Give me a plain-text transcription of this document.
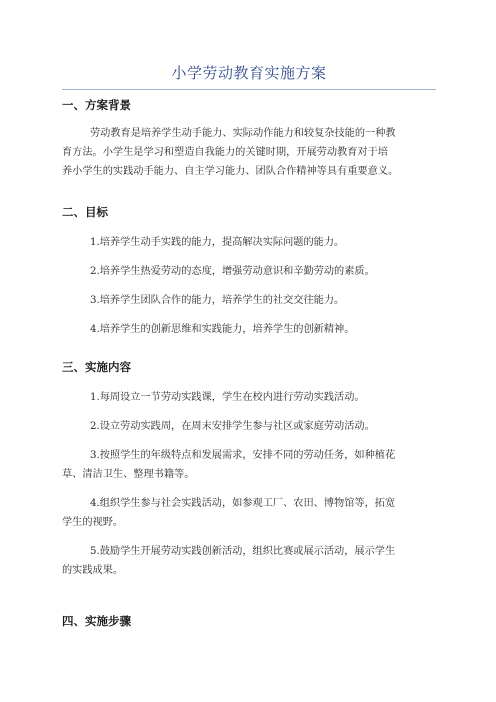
小学劳动教育实施方案
一、方案背景
劳动教育是培养学生动手能力、实际动作能力和较复杂技能的一种教
育方法。小学生是学习和塑造自我能力的关键时期，开展劳动教育对于培
养小学生的实践动手能力、自主学习能力、团队合作精神等具有重要意义。
二、目标
1.培养学生动手实践的能力，提高解决实际问题的能力。
2.培养学生热爱劳动的态度，增强劳动意识和辛勤劳动的素质。
3.培养学生团队合作的能力，培养学生的社交交往能力。
4.培养学生的创新思维和实践能力，培养学生的创新精神。
三、实施内容
1.每周设立一节劳动实践课，学生在校内进行劳动实践活动。
2.设立劳动实践周，在周末安排学生参与社区或家庭劳动活动。
3.按照学生的年级特点和发展需求，安排不同的劳动任务，如种植花
草、清洁卫生、整理书籍等。
4.组织学生参与社会实践活动，如参观工厂、农田、博物馆等，拓宽
学生的视野。
5.鼓励学生开展劳动实践创新活动，组织比赛或展示活动，展示学生
的实践成果。
四、实施步骤
